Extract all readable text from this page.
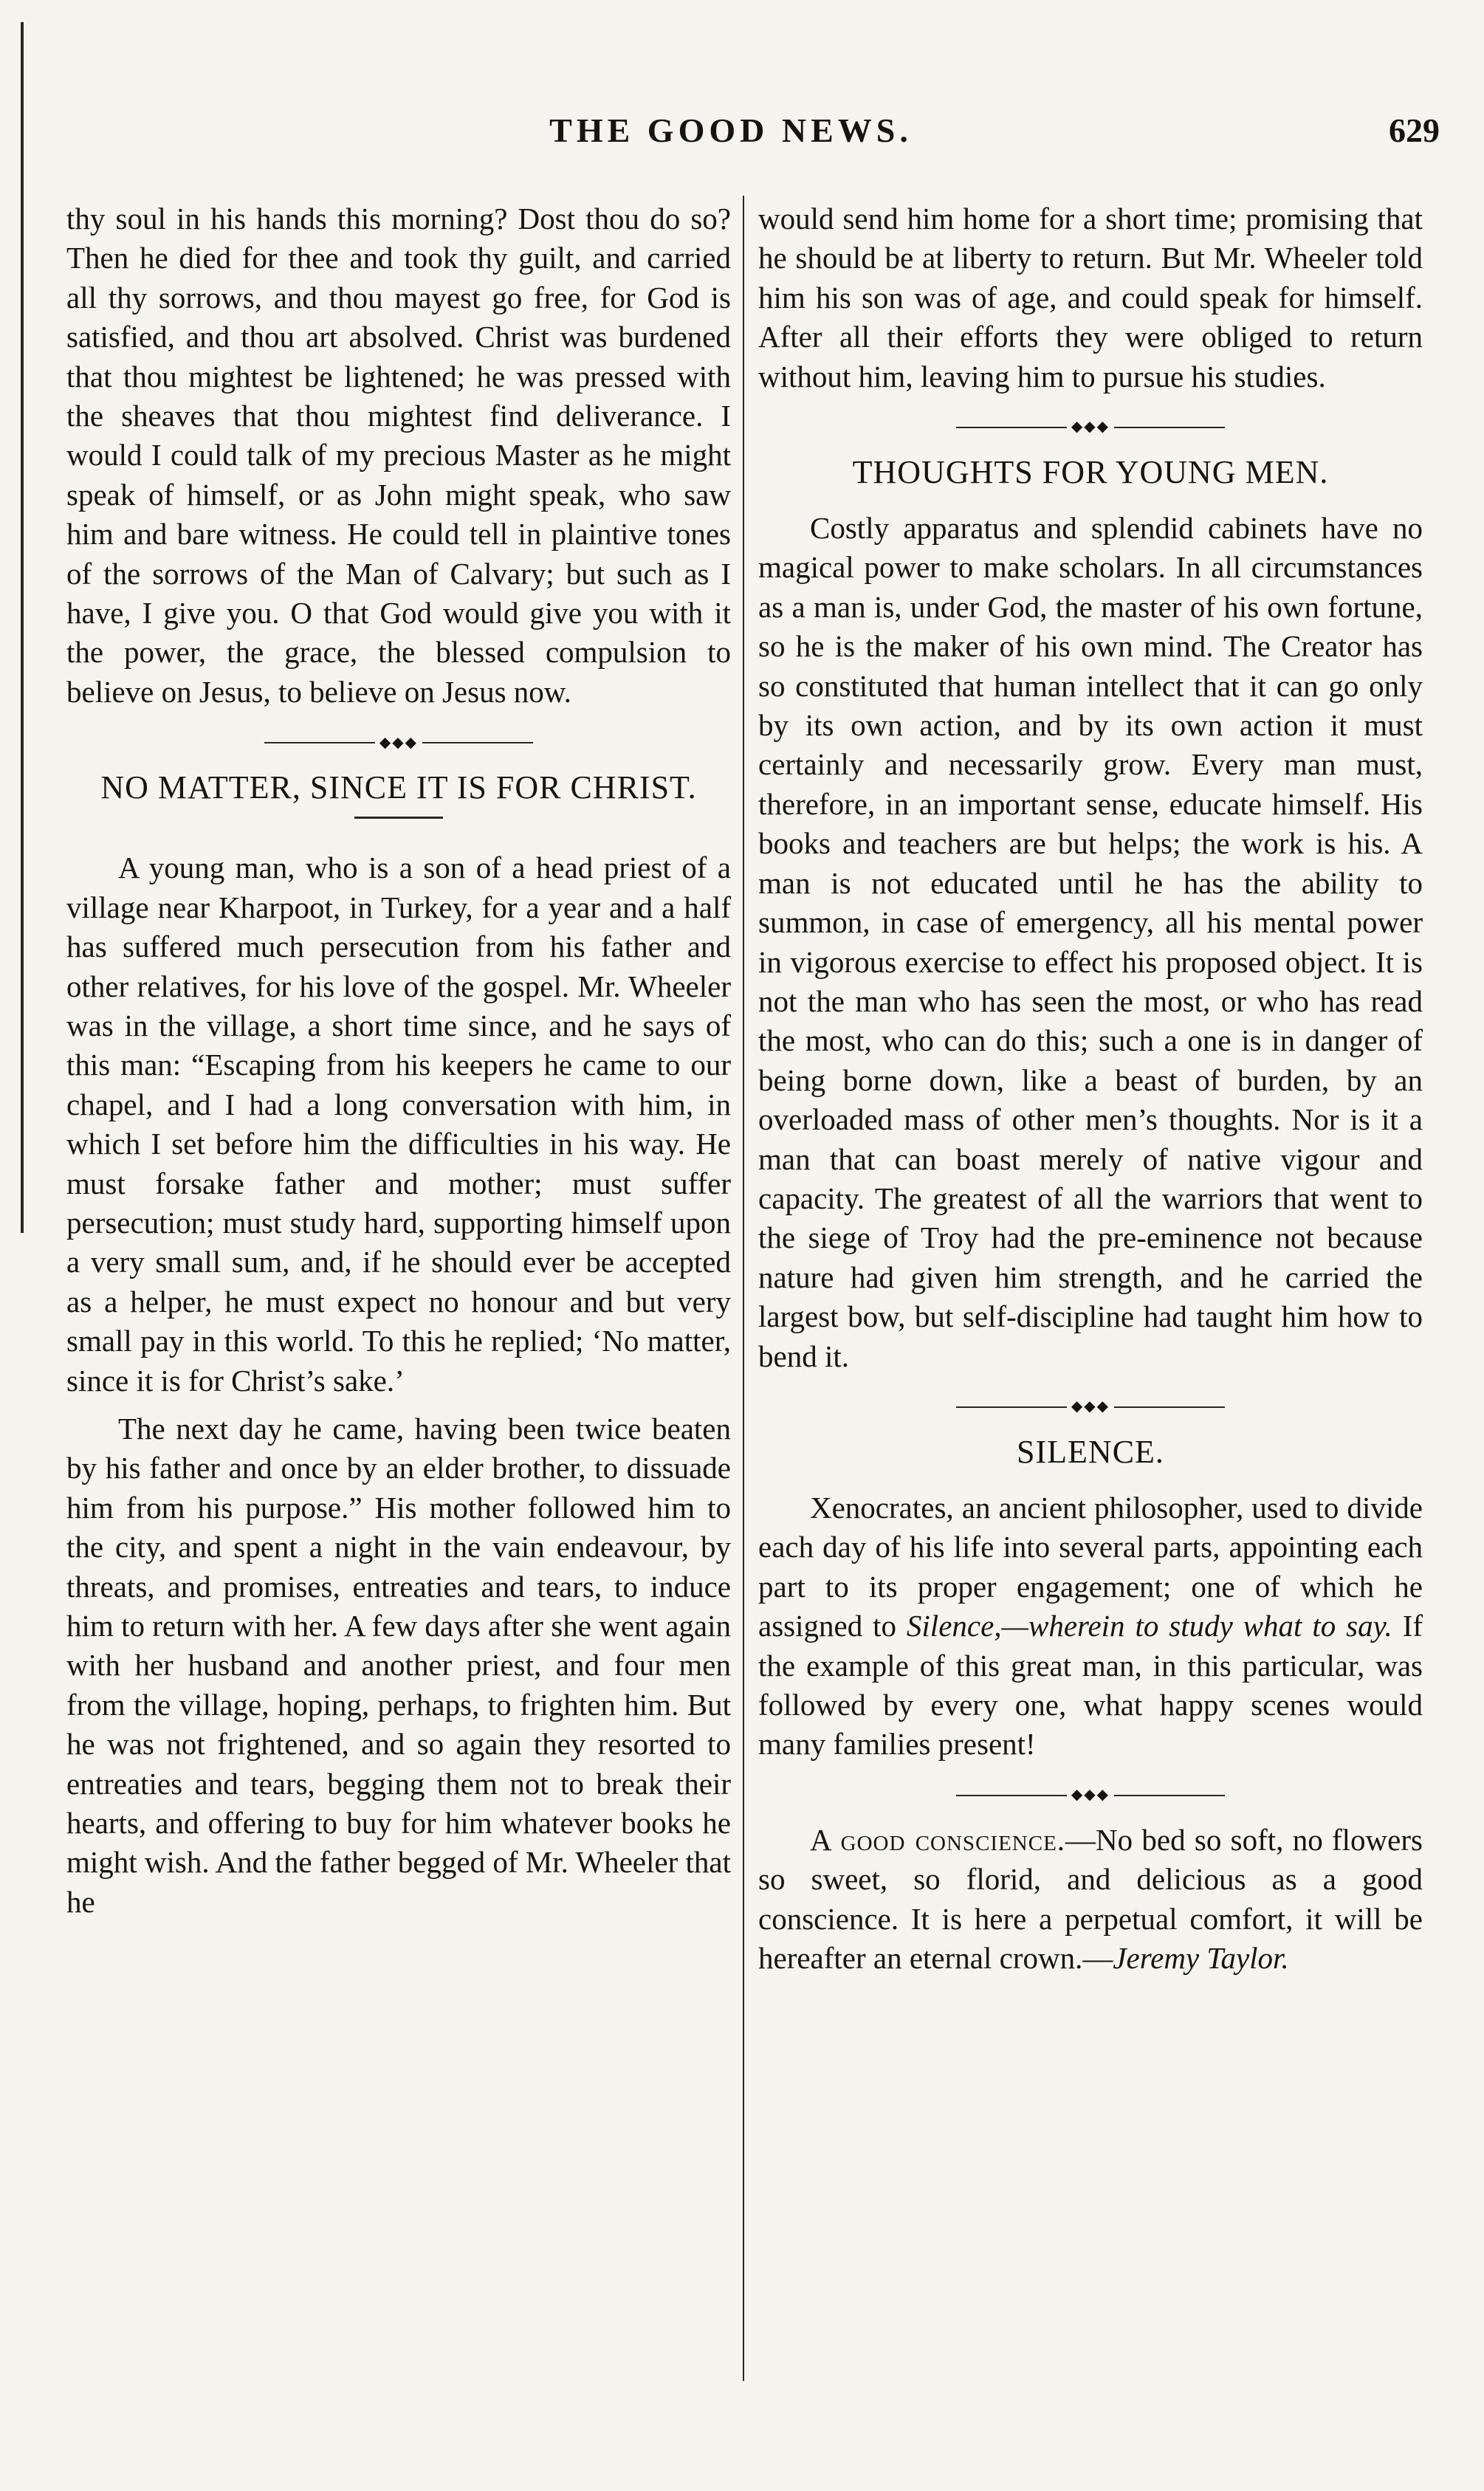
THE GOOD NEWS.	629

thy soul in his hands this morning? Dost thou do so? Then he died for thee and took thy guilt, and carried all thy sorrows, and thou mayest go free, for God is satisfied, and thou art absolved. Christ was burdened that thou mightest be lightened; he was pressed with the sheaves that thou mightest find deliverance. I would I could talk of my precious Master as he might speak of himself, or as John might speak, who saw him and bare witness. He could tell in plaintive tones of the sorrows of the Man of Calvary; but such as I have, I give you. O that God would give you with it the power, the grace, the blessed compulsion to believe on Jesus, to believe on Jesus now.

◆◆◆
NO MATTER, SINCE IT IS FOR CHRIST.

A young man, who is a son of a head priest of a village near Kharpoot, in Turkey, for a year and a half has suffered much persecution from his father and other relatives, for his love of the gospel. Mr. Wheeler was in the village, a short time since, and he says of this man: “Escaping from his keepers he came to our chapel, and I had a long conversation with him, in which I set before him the difficulties in his way. He must forsake father and mother; must suffer persecution; must study hard, supporting himself upon a very small sum, and, if he should ever be accepted as a helper, he must expect no honour and but very small pay in this world. To this he replied; ‘No matter, since it is for Christ’s sake.’

The next day he came, having been twice beaten by his father and once by an elder brother, to dissuade him from his purpose.” His mother followed him to the city, and spent a night in the vain endeavour, by threats, and promises, entreaties and tears, to induce him to return with her. A few days after she went again with her husband and another priest, and four men from the village, hoping, perhaps, to frighten him. But he was not frightened, and so again they resorted to entreaties and tears, begging them not to break their hearts, and offering to buy for him whatever books he might wish. And the father begged of Mr. Wheeler that he

would send him home for a short time; promising that he should be at liberty to return. But Mr. Wheeler told him his son was of age, and could speak for himself. After all their efforts they were obliged to return without him, leaving him to pursue his studies.

◆◆◆
THOUGHTS FOR YOUNG MEN.

Costly apparatus and splendid cabinets have no magical power to make scholars. In all circumstances as a man is, under God, the master of his own fortune, so he is the maker of his own mind. The Creator has so constituted that human intellect that it can go only by its own action, and by its own action it must certainly and necessarily grow. Every man must, therefore, in an important sense, educate himself. His books and teachers are but helps; the work is his. A man is not educated until he has the ability to summon, in case of emergency, all his mental power in vigorous exercise to effect his proposed object. It is not the man who has seen the most, or who has read the most, who can do this; such a one is in danger of being borne down, like a beast of burden, by an overloaded mass of other men’s thoughts. Nor is it a man that can boast merely of native vigour and capacity. The greatest of all the warriors that went to the siege of Troy had the pre-eminence not because nature had given him strength, and he carried the largest bow, but self-discipline had taught him how to bend it.

◆◆◆
SILENCE.

Xenocrates, an ancient philosopher, used to divide each day of his life into several parts, appointing each part to its proper engagement; one of which he assigned to Silence,—wherein to study what to say. If the example of this great man, in this particular, was followed by every one, what happy scenes would many families present!

◆◆◆

A good conscience.—No bed so soft, no flowers so sweet, so florid, and delicious as a good conscience. It is here a perpetual comfort, it will be hereafter an eternal crown.—Jeremy Taylor.
